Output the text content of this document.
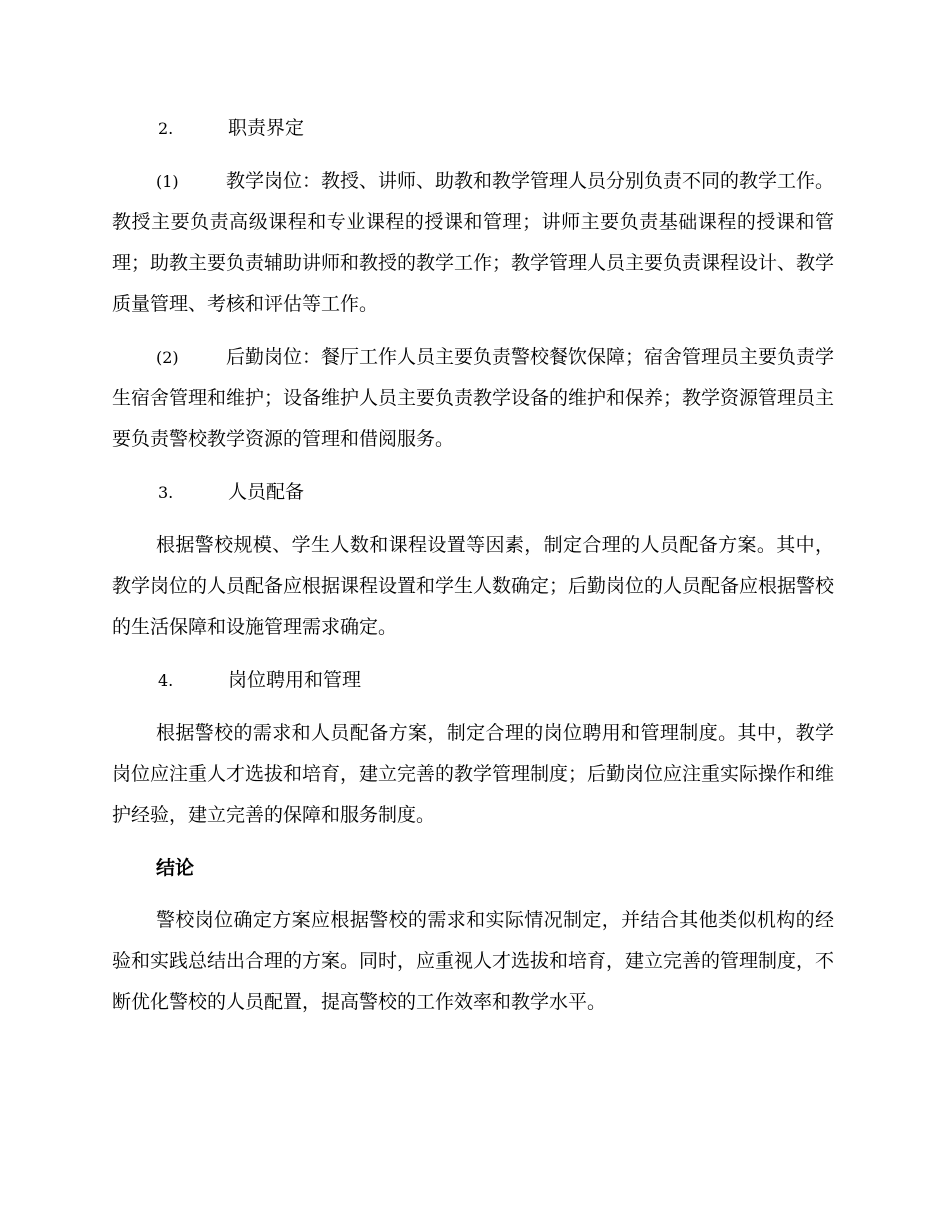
2.	职责界定

(1) 教学岗位：教授、讲师、助教和教学管理人员分别负责不同的教学工作。教授主要负责高级课程和专业课程的授课和管理；讲师主要负责基础课程的授课和管理；助教主要负责辅助讲师和教授的教学工作；教学管理人员主要负责课程设计、教学质量管理、考核和评估等工作。

(2) 后勤岗位：餐厅工作人员主要负责警校餐饮保障；宿舍管理员主要负责学生宿舍管理和维护；设备维护人员主要负责教学设备的维护和保养；教学资源管理员主要负责警校教学资源的管理和借阅服务。

3.	人员配备

根据警校规模、学生人数和课程设置等因素，制定合理的人员配备方案。其中，教学岗位的人员配备应根据课程设置和学生人数确定；后勤岗位的人员配备应根据警校的生活保障和设施管理需求确定。

4.	岗位聘用和管理

根据警校的需求和人员配备方案，制定合理的岗位聘用和管理制度。其中，教学岗位应注重人才选拔和培育，建立完善的教学管理制度；后勤岗位应注重实际操作和维护经验，建立完善的保障和服务制度。

结论

警校岗位确定方案应根据警校的需求和实际情况制定，并结合其他类似机构的经验和实践总结出合理的方案。同时，应重视人才选拔和培育，建立完善的管理制度，不断优化警校的人员配置，提高警校的工作效率和教学水平。
